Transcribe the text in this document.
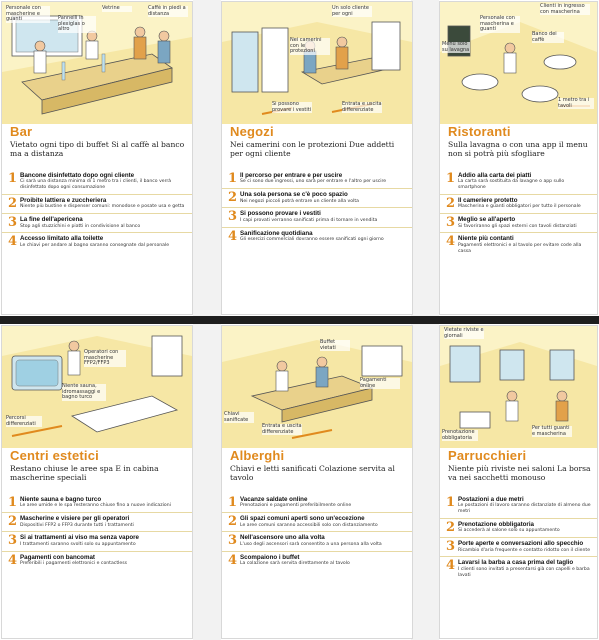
Personale con mascherine e guanti	Pannelli in plexiglas o altro
Vetrine	Caffè in piedi a distanza
Bar
Vietato ogni tipo di buffet Si al caffè al banco ma a distanza
1 Bancone disinfettato dopo ogni cliente
Ci sarà una distanza minima di 1 metro tra i clienti, il banco verrà disinfettato dopo ogni consumazione
2 Proibite lattiera e zuccheriera
Niente più bustine e dispenser comuni: monodose e posate usa e getta
3 La fine dell'apericena
Stop agli stuzzichini e piatti in condivisione al banco
4 Accesso limitato alla toilette
Le chiavi per andare al bagno saranno consegnate dal personale
Nei camerini con le protezioni
Un solo cliente per ogni
Entrata e uscita differenziate
Si possono provare i vestiti
Negozi
Nei camerini con le protezioni Due addetti per ogni cliente
1 Il percorso per entrare e per uscire
Se ci sono due ingressi, uno sarà per entrare e l'altro per uscire
2 Una sola persona se c'è poco spazio
Nei negozi piccoli potrà entrare un cliente alla volta
3 Si possono provare i vestiti
I capi provati verranno sanificati prima di tornare in vendita
4 Sanificazione quotidiana
Gli esercizi commerciali dovranno essere sanificati ogni giorno
Clienti in ingresso con mascherina
Personale con mascherina e guanti
Menu solo su lavagna
Banco dei caffè
1 metro tra i tavoli
Ristoranti
Sulla lavagna o con una app il menu non si potrà più sfogliare
1 Addio alla carta dei piatti
La carta sarà sostituita da lavagne o app sullo smartphone
2 Il cameriere protetto
Mascherina e guanti obbligatori per tutto il personale
3 Meglio se all'aperto
Si favoriranno gli spazi esterni con tavoli distanziati
4 Niente più contanti
Pagamenti elettronici e al tavolo per evitare code alla cassa
Operatori con mascherine FFP2/FFP3
Niente sauna, idromassaggi e bagno turco
Percorsi differenziati
Centri estetici
Restano chiuse le aree spa E in cabina mascherine speciali
1 Niente sauna e bagno turco
Le aree umide e le spa resteranno chiuse fino a nuove indicazioni
2 Mascherine e visiere per gli operatori
Dispositivi FFP2 o FFP3 durante tutti i trattamenti
3 Si ai trattamenti ai viso ma senza vapore
I trattamenti saranno svolti solo su appuntamento
4 Pagamenti con bancomat
Preferibili i pagamenti elettronici e contactless
Chiavi sanificate
Pagamenti online
Buffet vietati
Entrata e uscita differenziate
Alberghi
Chiavi e letti sanificati Colazione servita al tavolo
1 Vacanze saldate online
Prenotazioni e pagamenti preferibilmente online
2 Gli spazi comuni aperti sono un'eccezione
Le aree comuni saranno accessibili solo con distanziamento
3 Nell'ascensore uno alla volta
L'uso degli ascensori sarà consentito a una persona alla volta
4 Scompaiono i buffet
La colazione sarà servita direttamente al tavolo
Vietate riviste e giornali
Prenotazione obbligatoria
Per tutti guanti e mascherina
Parrucchieri
Niente più riviste nei saloni La borsa va nei sacchetti monouso
1 Postazioni a due metri
Le postazioni di lavoro saranno distanziate di almeno due metri
2 Prenotazione obbligatoria
Si accederà al salone solo su appuntamento
3 Porte aperte e conversazioni allo specchio
Ricambio d'aria frequente e contatto ridotto con il cliente
4 Lavarsi la barba a casa prima del taglio
I clienti sono invitati a presentarsi già con capelli e barba lavati
